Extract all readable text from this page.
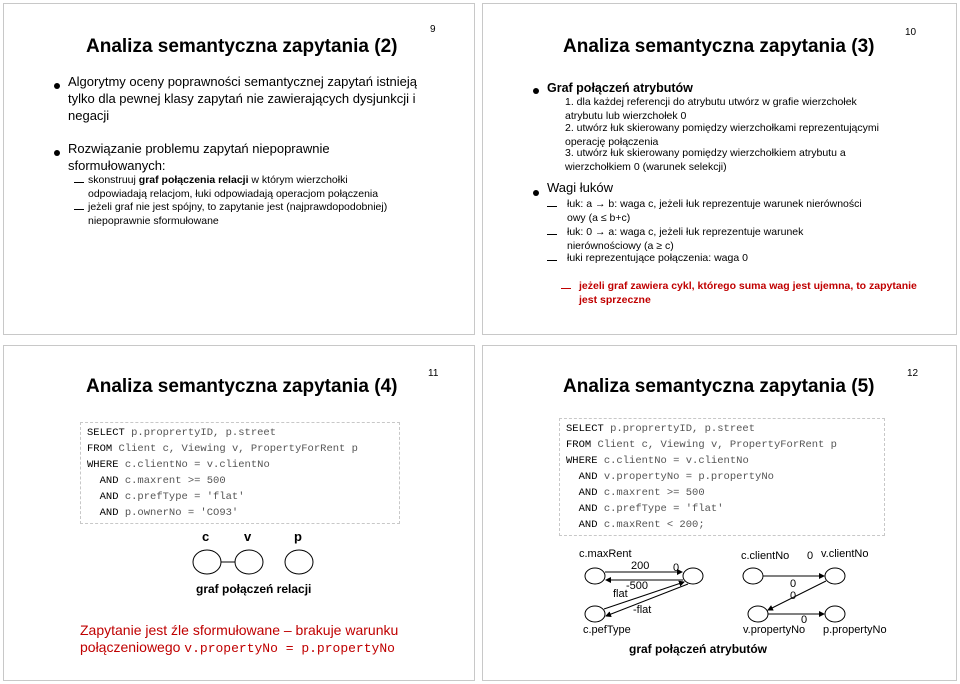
9
Analiza semantyczna zapytania (2)
Algorytmy oceny poprawności semantycznej zapytań istnieją tylko dla pewnej klasy zapytań nie zawierających dysjunkcji i negacji
Rozwiązanie problemu zapytań niepoprawnie sformułowanych:
skonstruuj graf połączenia relacji w którym wierzchołki odpowiadają relacjom, łuki odpowiadają operacjom połączenia
jeżeli graf nie jest spójny, to zapytanie jest (najprawdopodobniej) niepoprawnie sformułowane
10
Analiza semantyczna zapytania (3)
Graf połączeń atrybutów
1. dla każdej referencji do atrybutu utwórz w grafie wierzchołek atrybutu lub wierzchołek 0
2. utwórz łuk skierowany pomiędzy wierzchołkami reprezentującymi operację połączenia
3. utwórz łuk skierowany pomiędzy wierzchołkiem atrybutu a wierzchołkiem 0 (warunek selekcji)
Wagi łuków
łuk: a → b: waga c, jeżeli łuk reprezentuje warunek nierówności owy (a ≤ b+c)
łuk: 0 → a: waga c, jeżeli łuk reprezentuje warunek nierównościowy (a ≥ c)
łuki reprezentujące połączenia: waga 0
jeżeli graf zawiera cykl, którego suma wag jest ujemna, to zapytanie jest sprzeczne
11
Analiza semantyczna zapytania (4)
SELECT p.proprertyID, p.street
FROM Client c, Viewing v, PropertyForRent p
WHERE c.clientNo = v.clientNo
AND c.maxrent >= 500
AND c.prefType = 'flat'
AND p.ownerNo = 'CO93'
c	v	p
graf połączeń relacji
Zapytanie jest źle sformułowane – brakuje warunku
połączeniowego v.propertyNo = p.propertyNo
12
Analiza semantyczna zapytania (5)
SELECT p.proprertyID, p.street
FROM Client c, Viewing v, PropertyForRent p
WHERE c.clientNo = v.clientNo
AND v.propertyNo = p.propertyNo
AND c.maxrent >= 500
AND c.prefType = 'flat'
AND c.maxRent < 200;
c.maxRent
200 0
-500
flat
-flat
c.pefType
c.clientNo 0 v.clientNo
0
0
0
v.propertyNo p.propertyNo
graf połączeń atrybutów
